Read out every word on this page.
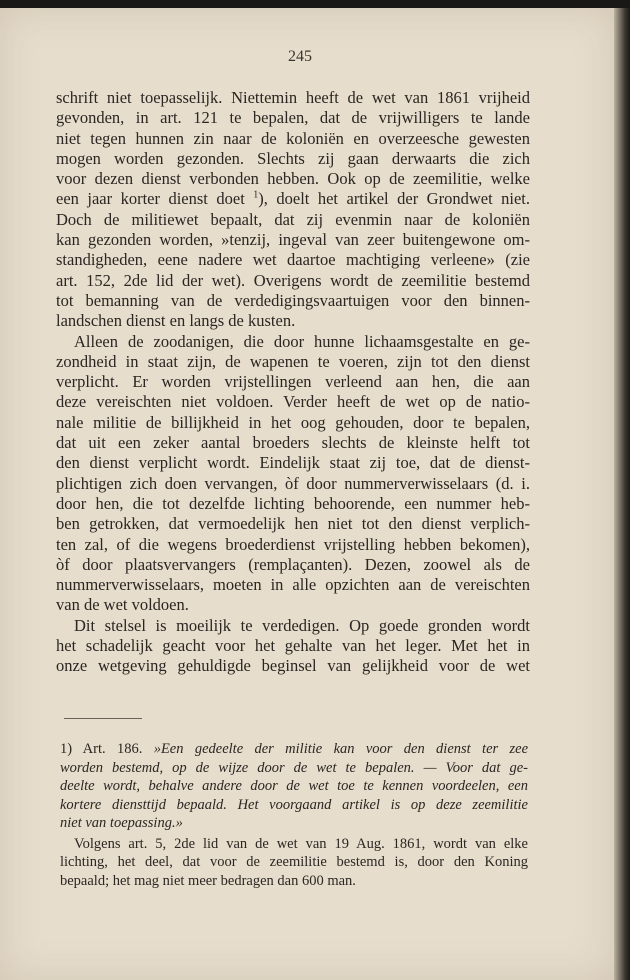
245
schrift niet toepasselijk. Niettemin heeft de wet van 1861 vrijheid
gevonden, in art. 121 te bepalen, dat de vrijwilligers te lande
niet tegen hunnen zin naar de koloniën en overzeesche gewesten
mogen worden gezonden. Slechts zij gaan derwaarts die zich
voor dezen dienst verbonden hebben. Ook op de zeemilitie, welke
een jaar korter dienst doet $^1$), doelt het artikel der Grondwet niet.
Doch de militiewet bepaalt, dat zij evenmin naar de koloniën
kan gezonden worden, »tenzij, ingeval van zeer buitengewone om-
standigheden, eene nadere wet daartoe machtiging verleene» (zie
art. 152, 2de lid der wet). Overigens wordt de zeemilitie bestemd
tot bemanning van de verdedigingsvaartuigen voor den binnen-
landschen dienst en langs de kusten.
Alleen de zoodanigen, die door hunne lichaamsgestalte en ge-
zondheid in staat zijn, de wapenen te voeren, zijn tot den dienst
verplicht. Er worden vrijstellingen verleend aan hen, die aan
deze vereischten niet voldoen. Verder heeft de wet op de natio-
nale militie de billijkheid in het oog gehouden, door te bepalen,
dat uit een zeker aantal broeders slechts de kleinste helft tot
den dienst verplicht wordt. Eindelijk staat zij toe, dat de dienst-
plichtigen zich doen vervangen, òf door nummerverwisselaars (d. i.
door hen, die tot dezelfde lichting behoorende, een nummer heb-
ben getrokken, dat vermoedelijk hen niet tot den dienst verplich-
ten zal, of die wegens broederdienst vrijstelling hebben bekomen),
òf door plaatsvervangers (remplaçanten). Dezen, zoowel als de
nummerverwisselaars, moeten in alle opzichten aan de vereischten
van de wet voldoen.
Dit stelsel is moeilijk te verdedigen. Op goede gronden wordt
het schadelijk geacht voor het gehalte van het leger. Met het in
onze wetgeving gehuldigde beginsel van gelijkheid voor de wet
1) Art. 186. »Een gedeelte der militie kan voor den dienst ter zee
worden bestemd, op de wijze door de wet te bepalen. — Voor dat ge-
deelte wordt, behalve andere door de wet toe te kennen voordeelen, een
kortere diensttijd bepaald. Het voorgaand artikel is op deze zeemilitie
niet van toepassing.»
Volgens art. 5, 2de lid van de wet van 19 Aug. 1861, wordt van elke
lichting, het deel, dat voor de zeemilitie bestemd is, door den Koning
bepaald; het mag niet meer bedragen dan 600 man.
